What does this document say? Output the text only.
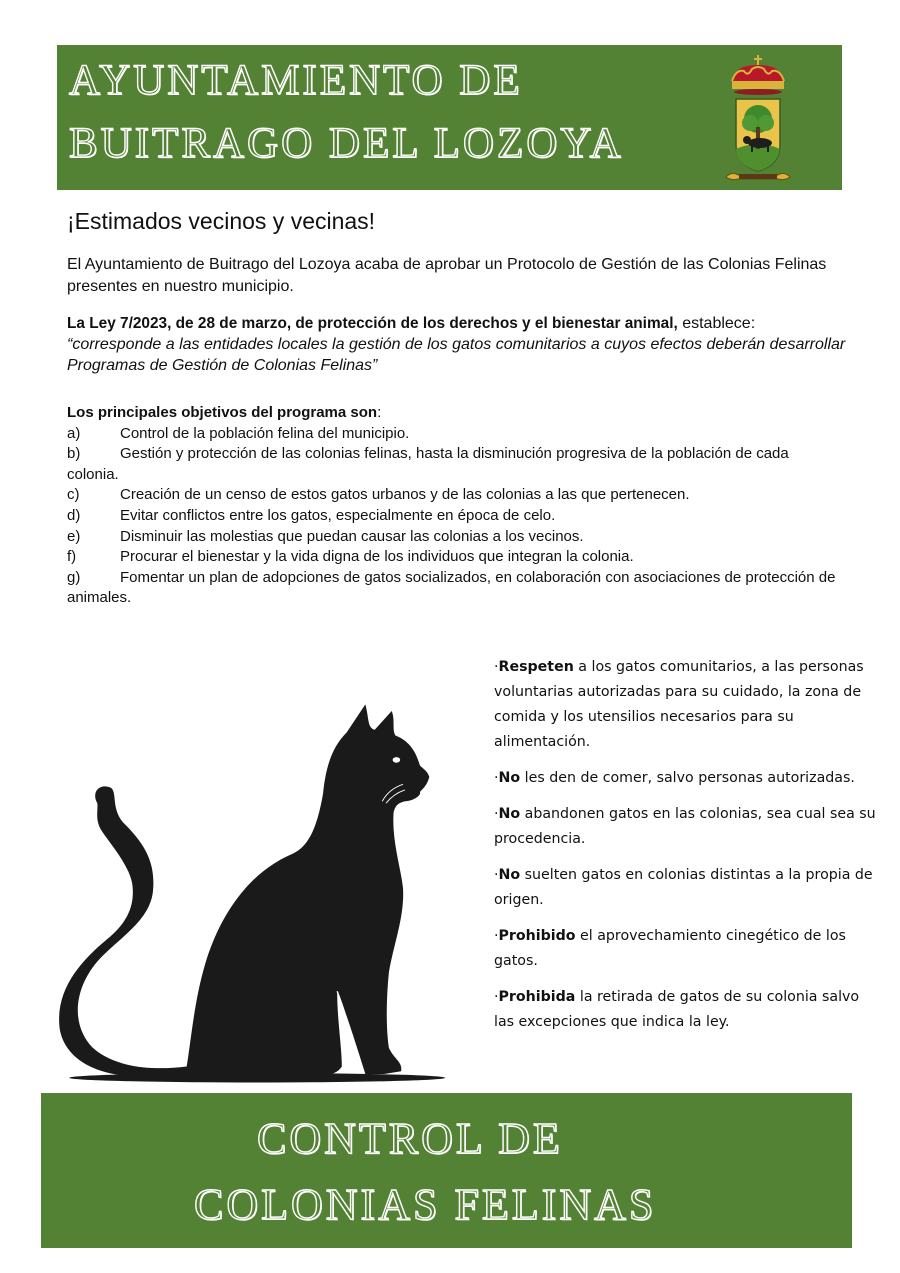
AYUNTAMIENTO DE
BUITRAGO DEL LOZOYA
¡Estimados vecinos y vecinas!
El Ayuntamiento de Buitrago del Lozoya acaba de aprobar un Protocolo de Gestión de las Colonias Felinas presentes en nuestro municipio.
La Ley 7/2023, de 28 de marzo, de protección de los derechos y el bienestar animal, establece:
“corresponde a las entidades locales la gestión de los gatos comunitarios a cuyos efectos deberán desarrollar Programas de Gestión de Colonias Felinas”
Los principales objetivos del programa son:
a)	Control de la población felina del municipio.
b)	Gestión y protección de las colonias felinas, hasta la disminución progresiva de la población de cada colonia.
c)	Creación de un censo de estos gatos urbanos y de las colonias a las que pertenecen.
d)	Evitar conflictos entre los gatos, especialmente en época de celo.
e)	Disminuir las molestias que puedan causar las colonias a los vecinos.
f)	Procurar el bienestar y la vida digna de los individuos que integran la colonia.
g)	Fomentar un plan de adopciones de gatos socializados, en colaboración con asociaciones de protección de animales.
·Respeten a los gatos comunitarios, a las personas voluntarias autorizadas para su cuidado, la zona de comida y los utensilios necesarios para su alimentación.
·No les den de comer, salvo personas autorizadas.
·No abandonen gatos en las colonias, sea cual sea su procedencia.
·No suelten gatos en colonias distintas a la propia de origen.
·Prohibido el aprovechamiento cinegético de los gatos.
·Prohibida la retirada de gatos de su colonia salvo las excepciones que indica la ley.
CONTROL DE
COLONIAS FELINAS
